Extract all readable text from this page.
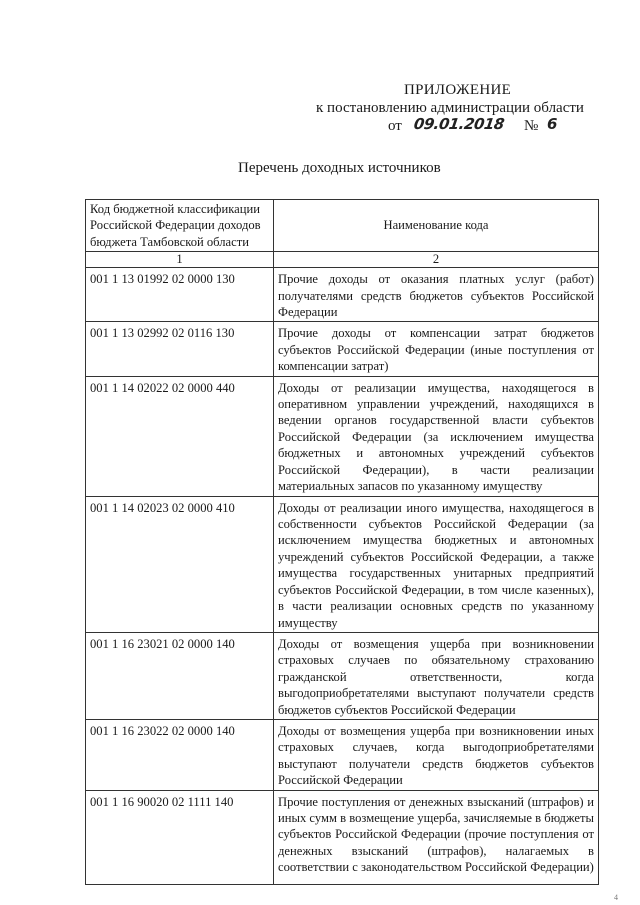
ПРИЛОЖЕНИЕ
к постановлению администрации области
от 09.01.2018 № 6
Перечень доходных источников
Код бюджетной классификации Российской Федерации доходов бюджета Тамбовской области	Наименование кода
1	2
001 1 13 01992 02 0000 130	Прочие доходы от оказания платных услуг (работ) получателями средств бюджетов субъектов Российской Федерации
001 1 13 02992 02 0116 130	Прочие доходы от компенсации затрат бюджетов субъектов Российской Федерации (иные поступления от компенсации затрат)
001 1 14 02022 02 0000 440	Доходы от реализации имущества, находящегося в оперативном управлении учреждений, находящихся в ведении органов государственной власти субъектов Российской Федерации (за исключением имущества бюджетных и автономных учреждений субъектов Российской Федерации), в части реализации материальных запасов по указанному имуществу
001 1 14 02023 02 0000 410	Доходы от реализации иного имущества, находящегося в собственности субъектов Российской Федерации (за исключением имущества бюджетных и автономных учреждений субъектов Российской Федерации, а также имущества государственных унитарных предприятий субъектов Российской Федерации, в том числе казенных), в части реализации основных средств по указанному имуществу
001 1 16 23021 02 0000 140	Доходы от возмещения ущерба при возникновении страховых случаев по обязательному страхованию гражданской ответственности, когда выгодоприобретателями выступают получатели средств бюджетов субъектов Российской Федерации
001 1 16 23022 02 0000 140	Доходы от возмещения ущерба при возникновении иных страховых случаев, когда выгодоприобретателями выступают получатели средств бюджетов субъектов Российской Федерации
001 1 16 90020 02 1111 140	Прочие поступления от денежных взысканий (штрафов) и иных сумм в возмещение ущерба, зачисляемые в бюджеты субъектов Российской Федерации (прочие поступления от денежных взысканий (штрафов), налагаемых в соответствии с законодательством Российской Федерации)
4
